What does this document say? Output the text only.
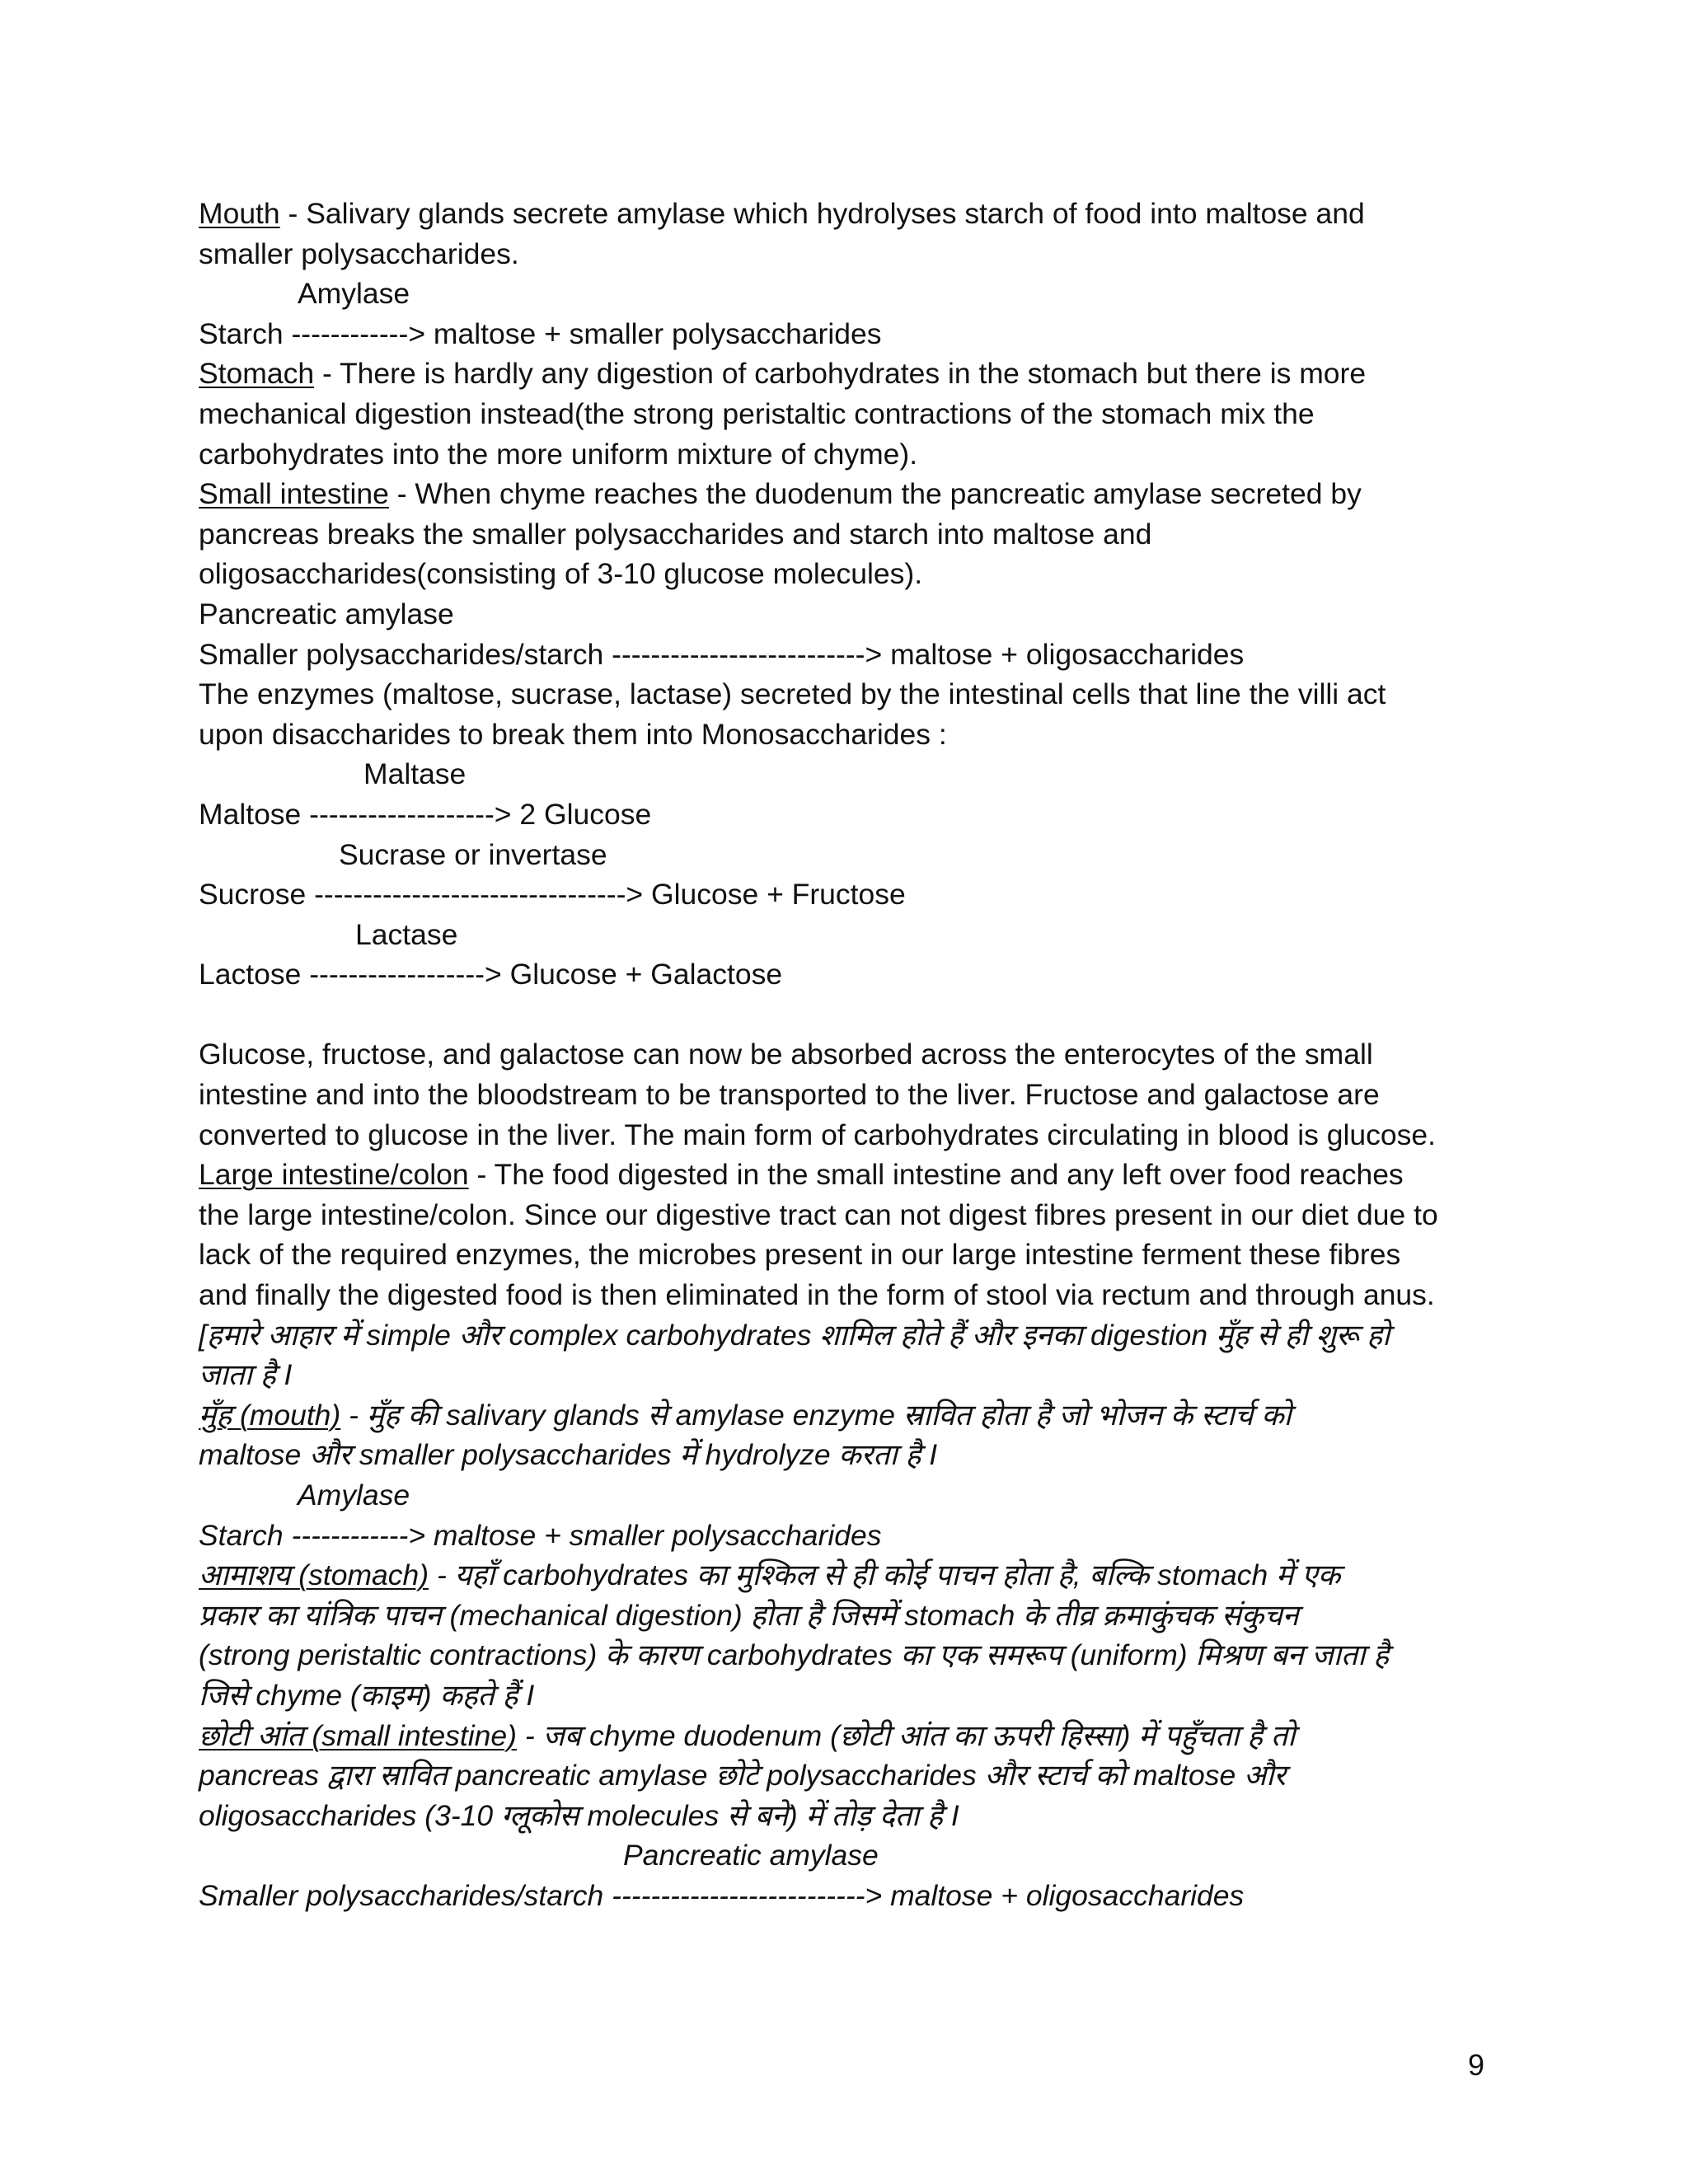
Mouth - Salivary glands secrete amylase which hydrolyses starch of food into maltose and
smaller polysaccharides.
Amylase
Starch ------------> maltose + smaller polysaccharides
Stomach - There is hardly any digestion of carbohydrates in the stomach but there is more
mechanical digestion instead(the strong peristaltic contractions of the stomach mix the
carbohydrates into the more uniform mixture of chyme).
Small intestine - When chyme reaches the duodenum the pancreatic amylase secreted by
pancreas breaks the smaller polysaccharides and starch into maltose and
oligosaccharides(consisting of 3-10 glucose molecules).
Pancreatic amylase
Smaller polysaccharides/starch --------------------------> maltose + oligosaccharides
The enzymes (maltose, sucrase, lactase) secreted by the intestinal cells that line the villi act
upon disaccharides to break them into Monosaccharides :
Maltase
Maltose -------------------> 2 Glucose
Sucrase or invertase
Sucrose --------------------------------> Glucose + Fructose
Lactase
Lactose ------------------> Glucose + Galactose
Glucose, fructose, and galactose can now be absorbed across the enterocytes of the small
intestine and into the bloodstream to be transported to the liver. Fructose and galactose are
converted to glucose in the liver. The main form of carbohydrates circulating in blood is glucose.
Large intestine/colon - The food digested in the small intestine and any left over food reaches
the large intestine/colon. Since our digestive tract can not digest fibres present in our diet due to
lack of the required enzymes, the microbes present in our large intestine ferment these fibres
and finally the digested food is then eliminated in the form of stool via rectum and through anus.
[हमारे आहार में simple और complex carbohydrates शामिल होते हैं और इनका digestion मुँह से ही शुरू हो
जाता है I
मुँह (mouth) - मुँह की salivary glands से amylase enzyme स्रावित होता है जो भोजन के स्टार्च को
maltose और smaller polysaccharides में hydrolyze करता है I
Amylase
Starch ------------> maltose + smaller polysaccharides
आमाशय (stomach) - यहाँ carbohydrates का मुश्किल से ही कोई पाचन होता है, बल्कि stomach में एक
प्रकार का यांत्रिक पाचन (mechanical digestion) होता है जिसमें stomach के तीव्र क्रमाकुंचक संकुचन
(strong peristaltic contractions) के कारण carbohydrates का एक समरूप (uniform) मिश्रण बन जाता है
जिसे chyme (काइम) कहते हैं I
छोटी आंत (small intestine) - जब chyme duodenum (छोटी आंत का ऊपरी हिस्सा) में पहुँचता है तो
pancreas द्वारा स्रावित pancreatic amylase छोटे polysaccharides और स्टार्च को maltose और
oligosaccharides (3-10 ग्लूकोस molecules से बने) में तोड़ देता है I
Pancreatic amylase
Smaller polysaccharides/starch --------------------------> maltose + oligosaccharides
9
